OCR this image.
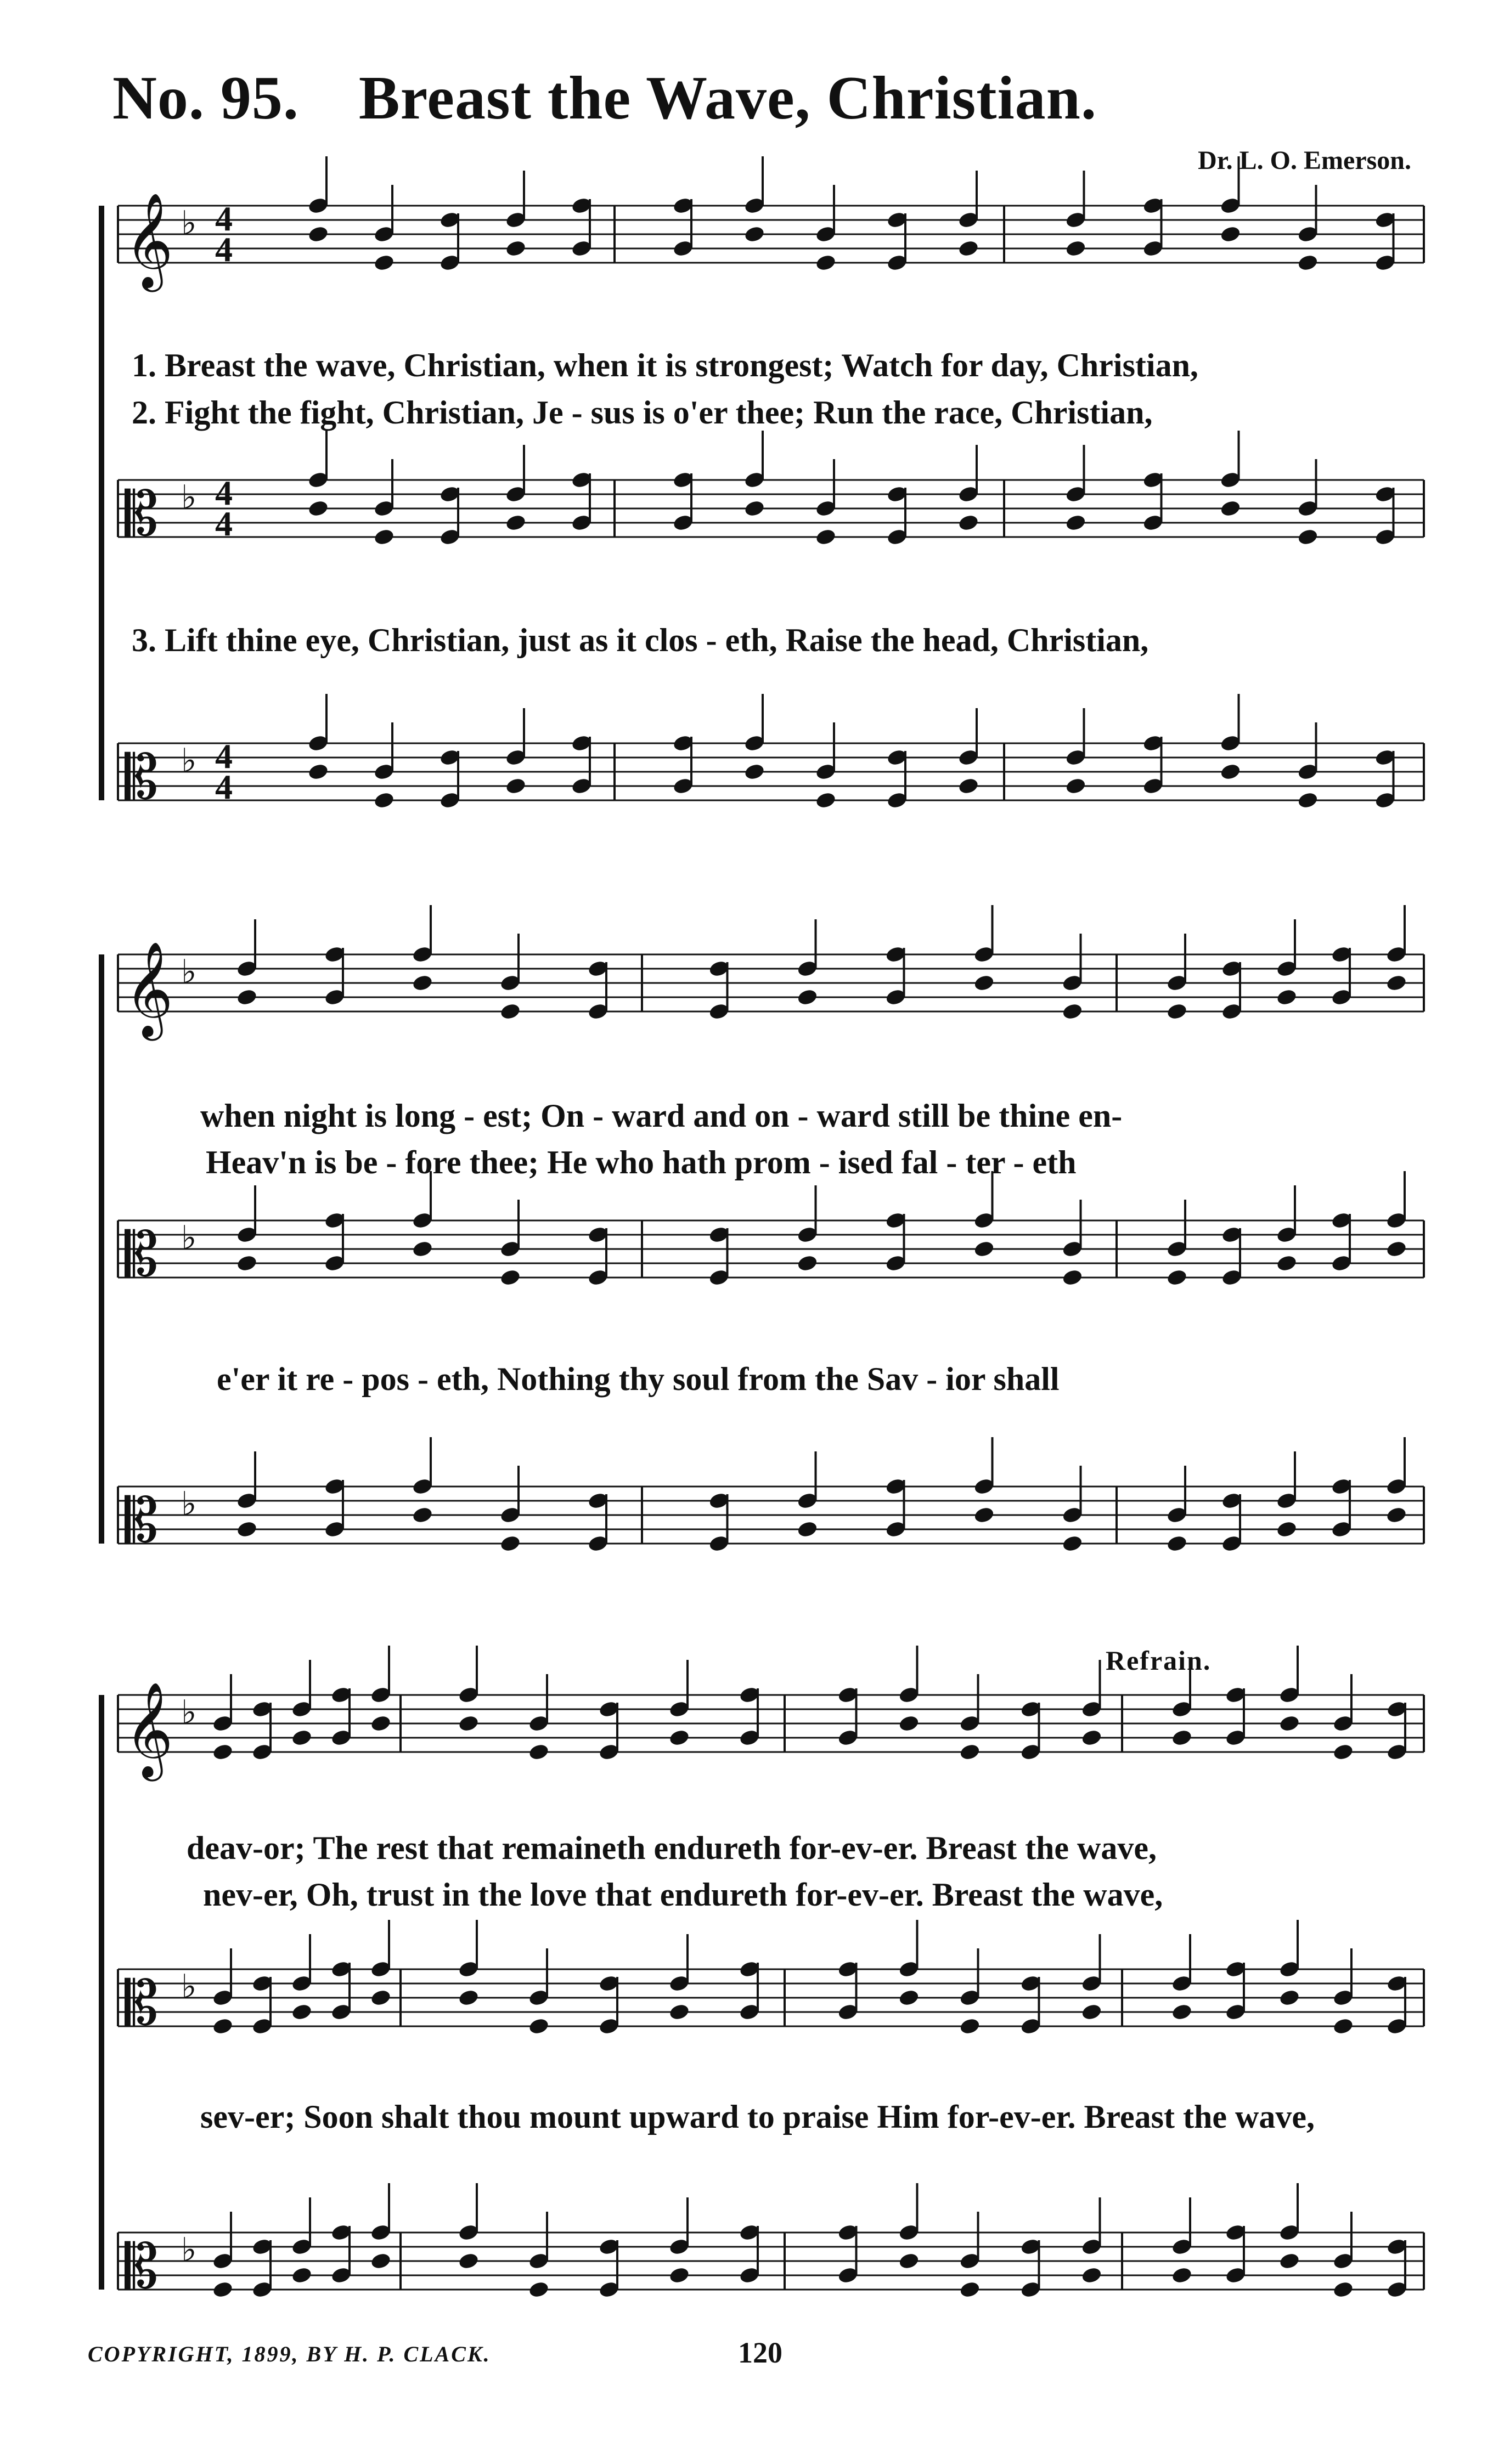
No. 95. Breast the Wave, Christian.
Dr. L. O. Emerson.
𝄞 ♭
𝄡 ♭
𝄡 ♭
𝄞 ♭
𝄡 ♭
𝄡 ♭
𝄞 ♭
𝄡 ♭
𝄡 ♭
4
4
4
4
4
4
1. Breast the wave, Christian, when it is strongest; Watch for day, Christian,
2. Fight the fight, Christian, Je - sus is o'er thee; Run the race, Christian,
3. Lift thine eye, Christian, just as it clos - eth, Raise the head, Christian,
when night is long - est; On - ward and on - ward still be thine en-
Heav'n is be - fore thee; He who hath prom - ised fal - ter - eth
e'er it re - pos - eth, Nothing thy soul from the Sav - ior shall
Refrain.
deav-or; The rest that remaineth endureth for-ev-er. Breast the wave,
nev-er, Oh, trust in the love that endureth for-ev-er. Breast the wave,
sev-er; Soon shalt thou mount upward to praise Him for-ev-er. Breast the wave,
COPYRIGHT, 1899, BY H. P. CLACK.	120
